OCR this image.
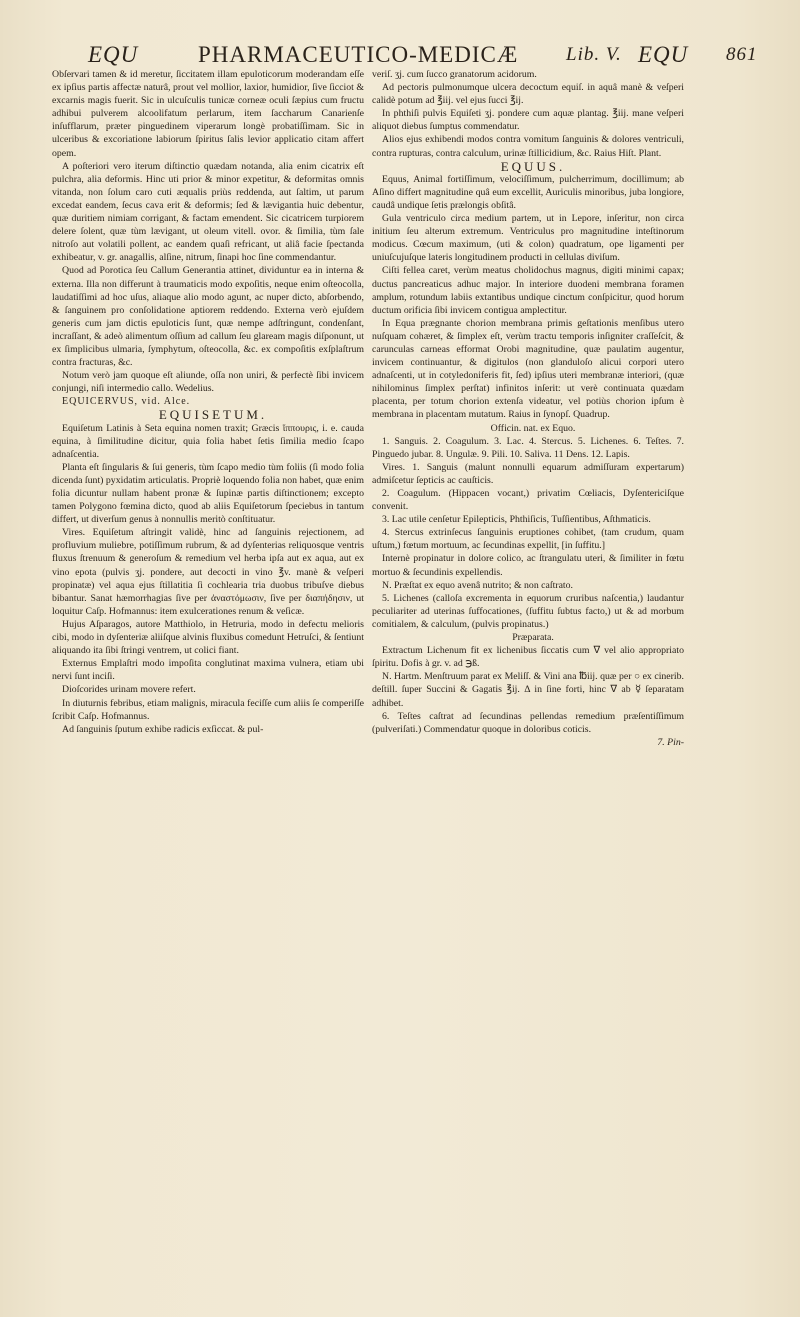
EQU	PHARMACEUTICO-MEDICÆ	Lib. V. EQU 861

Obſervari tamen & id meretur, ſiccitatem illam epuloticorum moderandam eſſe ex ipſius partis affectæ naturâ, prout vel mollior, laxior, humidior, ſive ſicciot & excarnis magis fuerit. Sic in ulcuſculis tunicæ corneæ oculi ſæpius cum fructu adhibui pulverem alcoolifatum perlarum, item ſaccharum Canarienſe inſufflarum, præter pinguedinem viperarum longè probatiſſimam. Sic in ulceribus & excoriatione labiorum ſpiritus ſalis levior applicatio citam affert opem.

A poſteriori vero iterum diſtinctio quædam notanda, alia enim cicatrix eſt pulchra, alia deformis. Hinc uti prior & minor expetitur, & deformitas omnis vitanda, non ſolum caro cuti æqualis priùs reddenda, aut ſaltim, ut parum excedat eandem, ſecus cava erit & deformis; ſed & lævigantia huic debentur, quæ duritiem nimiam corrigant, & factam emendent. Sic cicatricem turpiorem delere ſolent, quæ tùm lævigant, ut oleum vitell. ovor. & ſimilia, tùm ſale nitroſo aut volatili pollent, ac eandem quaſi refricant, ut aliâ facie ſpectanda exhibeatur, v. gr. anagallis, alſine, nitrum, ſinapi hoc ſine commendantur.

Quod ad Porotica ſeu Callum Generantia attinet, dividuntur ea in interna & externa. Illa non differunt à traumaticis modo expoſitis, neque enim oſteocolla, laudatiſſimi ad hoc uſus, aliaque alio modo agunt, ac nuper dicto, abſorbendo, & ſanguinem pro conſolidatione aptiorem reddendo. Externa verò ejuſdem generis cum jam dictis epuloticis ſunt, quæ nempe adſtringunt, condenſant, incraſſant, & adeò alimentum oſſium ad callum ſeu glaream magis diſponunt, ut ex ſimplicibus ulmaria, ſymphytum, oſteocolla, &c. ex compoſitis exſplaſtrum contra fracturas, &c.

Notum verò jam quoque eſt aliunde, oſſa non uniri, & perfectè ſibi invicem conjungi, niſi intermedio callo. Wedelius.

EQUICERVUS, vid. Alce.

EQUISETUM.

Equiſetum Latinis à Seta equina nomen traxit; Græcis ἵππουρις, i. e. cauda equina, à ſimilitudine dicitur, quia folia habet ſetis ſimilia medio ſcapo adnaſcentia.

Planta eſt ſingularis & ſui generis, tùm ſcapo medio tùm foliis (ſi modo folia dicenda ſunt) pyxidatim articulatis. Propriè loquendo folia non habet, quæ enim folia dicuntur nullam habent pronæ & ſupinæ partis diſtinctionem; excepto tamen Polygono fœmina dicto, quod ab aliis Equiſetorum ſpeciebus in tantum differt, ut diverſum genus à nonnullis meritò conſtituatur.

Vires. Equiſetum aſtringit validè, hinc ad ſanguinis rejectionem, ad profluvium muliebre, potiſſimum rubrum, & ad dyſenterias reliquosque ventris fluxus ſtrenuum & generoſum & remedium vel herba ipſa aut ex aqua, aut ex vino epota (pulvis ʒj. pondere, aut decocti in vino ℥v. manè & veſperi propinatæ) vel aqua ejus ſtillatitia ſi cochlearia tria duobus tribuſve diebus bibantur. Sanat hæmorrhagias ſive per ἀναστόμωσιν, ſive per διαπήδησιν, ut loquitur Caſp. Hofmannus: item exulcerationes renum & veſicæ.

Hujus Aſparagos, autore Matthiolo, in Hetruria, modo in defectu melioris cibi, modo in dyſenteriæ aliiſque alvinis fluxibus comedunt Hetruſci, & ſentiunt aliquando ita ſibi ſtringi ventrem, ut colici fiant.

Externus Emplaſtri modo impoſita conglutinat maxima vulnera, etiam ubi nervi ſunt inciſi.

Dioſcorides urinam movere refert.

In diuturnis febribus, etiam malignis, miracula feciſſe cum aliis ſe comperiſſe ſcribit Caſp. Hofmannus.

Ad ſanguinis ſputum exhibe radicis exſiccat. & pul-

veriſ. ʒj. cum ſucco granatorum acidorum.

Ad pectoris pulmonumque ulcera decoctum equiſ. in aquâ manè & veſperi calidè potum ad ℥iij. vel ejus ſucci ℥ij.

In phthiſi pulvis Equiſeti ʒj. pondere cum aquæ plantag. ℥iij. mane veſperi aliquot diebus ſumptus commendatur.

Alios ejus exhibendi modos contra vomitum ſanguinis & dolores ventriculi, contra rupturas, contra calculum, urinæ ſtillicidium, &c. Raius Hiſt. Plant.

EQUUS.

Equus, Animal fortiſſimum, velociſſimum, pulcherrimum, docillimum; ab Aſino differt magnitudine quâ eum excellit, Auriculis minoribus, juba longiore, caudâ undique ſetis prælongis obſitâ.

Gula ventriculo circa medium partem, ut in Lepore, inſeritur, non circa initium ſeu alterum extremum. Ventriculus pro magnitudine inteſtinorum modicus. Cœcum maximum, (uti & colon) quadratum, ope ligamenti per uniuſcujuſque lateris longitudinem producti in cellulas diviſum.

Ciſti fellea caret, verùm meatus cholidochus magnus, digiti minimi capax; ductus pancreaticus adhuc major. In interiore duodeni membrana foramen amplum, rotundum labiis extantibus undique cinctum conſpicitur, quod horum ductum orificia ſibi invicem contigua amplectitur.

In Equa prægnante chorion membrana primis geſtationis menſibus utero nuſquam cohæret, & ſimplex eſt, verùm tractu temporis inſigniter craſſeſcit, & carunculas carneas efformat Orobi magnitudine, quæ paulatim augentur, invicem continuantur, & digitulos (non glanduloſo alicui corpori utero adnaſcenti, ut in cotyledoniferis fit, ſed) ipſius uteri membranæ interiori, (quæ nihilominus ſimplex perſtat) infinitos inſerit: ut verè continuata quædam placenta, per totum chorion extenſa videatur, vel potiùs chorion ipſum è membrana in placentam mutatum. Raius in ſynopſ. Quadrup.

Officin. nat. ex Equo.

1. Sanguis. 2. Coagulum. 3. Lac. 4. Stercus. 5. Lichenes. 6. Teſtes. 7. Pinguedo jubar. 8. Ungulæ. 9. Pili. 10. Saliva. 11 Dens. 12. Lapis.

Vires. 1. Sanguis (malunt nonnulli equarum admiſſuram expertarum) admiſcetur ſepticis ac cauſticis.

2. Coagulum. (Hippacen vocant,) privatim Cœliacis, Dyſentericiſque convenit.

3. Lac utile cenſetur Epilepticis, Phthiſicis, Tuſſientibus, Aſthmaticis.

4. Stercus extrinſecus ſanguinis eruptiones cohibet, (tam crudum, quam uſtum,) fœtum mortuum, ac ſecundinas expellit, [in ſuffitu.]

Internè propinatur in dolore colico, ac ſtrangulatu uteri, & ſimiliter in fœtu mortuo & ſecundinis expellendis.

N. Præſtat ex equo avenâ nutrito; & non caſtrato.

5. Lichenes (calloſa excrementa in equorum cruribus naſcentia,) laudantur peculiariter ad uterinas ſuffocationes, (ſuffitu ſubtus facto,) ut & ad morbum comitialem, & calculum, (pulvis propinatus.)

Præparata.

Extractum Lichenum fit ex lichenibus ſiccatis cum ∇ vel alio appropriato ſpiritu. Dofis à gr. v. ad ℈ß.

N. Hartm. Menſtruum parat ex Meliſſ. & Vini ana ℔iij. quæ per ○ ex cinerib. deſtill. ſuper Succini & Gagatis ℥ij. Δ in ſine forti, hinc ∇ ab ☿ ſeparatam adhibet.

6. Teſtes caſtrat ad ſecundinas pellendas remedium præſentiſſimum (pulveriſati.) Commendatur quoque in doloribus coticis.

7. Pin-
